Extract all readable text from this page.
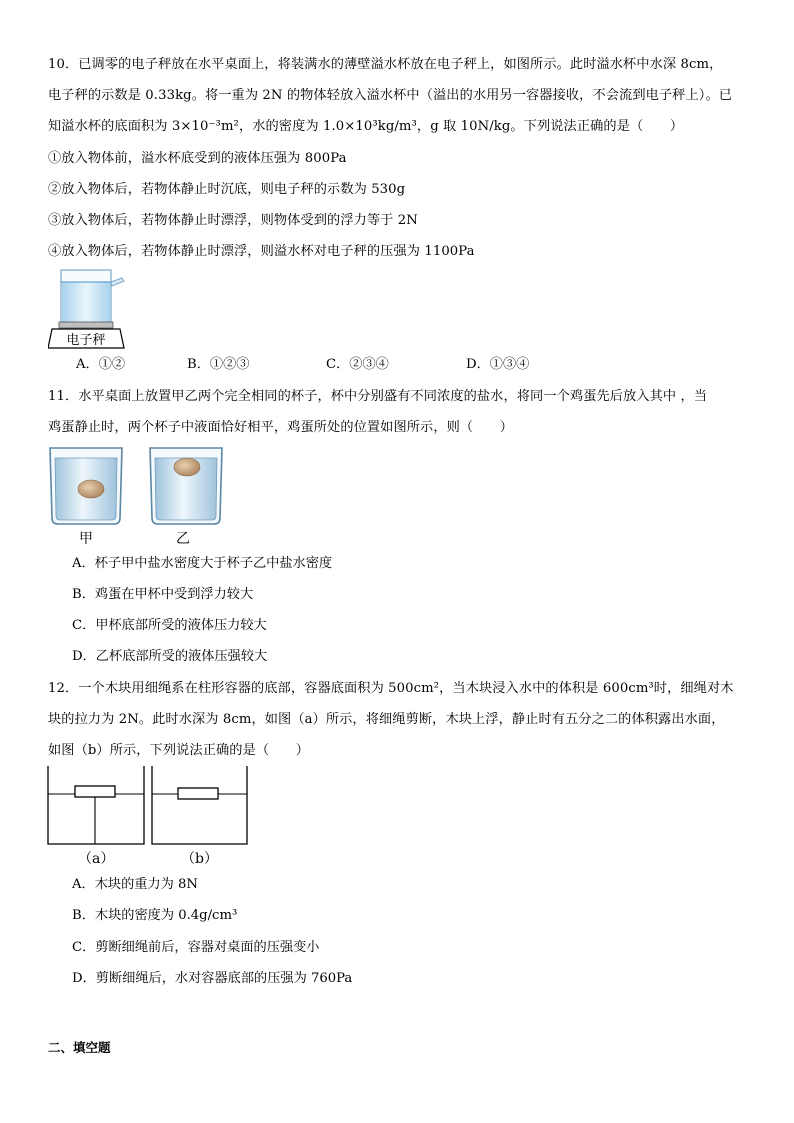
10．已调零的电子秤放在水平桌面上，将装满水的薄壁溢水杯放在电子秤上，如图所示。此时溢水杯中水深 8cm，
电子秤的示数是 0.33kg。将一重为 2N 的物体轻放入溢水杯中（溢出的水用另一容器接收，不会流到电子秤上）。已
知溢水杯的底面积为 3×10⁻³m²，水的密度为 1.0×10³kg/m³，g 取 10N/kg。下列说法正确的是（　　）
①放入物体前，溢水杯底受到的液体压强为 800Pa
②放入物体后，若物体静止时沉底，则电子秤的示数为 530g
③放入物体后，若物体静止时漂浮，则物体受到的浮力等于 2N
④放入物体后，若物体静止时漂浮，则溢水杯对电子秤的压强为 1100Pa
电子秤
A．①②	B．①②③	C．②③④	D．①③④
11．水平桌面上放置甲乙两个完全相同的杯子，杯中分别盛有不同浓度的盐水，将同一个鸡蛋先后放入其中 ，当
鸡蛋静止时，两个杯子中液面恰好相平，鸡蛋所处的位置如图所示，则（　　）
甲	乙
A．杯子甲中盐水密度大于杯子乙中盐水密度
B．鸡蛋在甲杯中受到浮力较大
C．甲杯底部所受的液体压力较大
D．乙杯底部所受的液体压强较大
12．一个木块用细绳系在柱形容器的底部，容器底面积为 500cm²，当木块浸入水中的体积是 600cm³时，细绳对木
块的拉力为 2N。此时水深为 8cm，如图（a）所示，将细绳剪断，木块上浮，静止时有五分之二的体积露出水面，
如图（b）所示，下列说法正确的是（　　）
（a）	（b）
A．木块的重力为 8N
B．木块的密度为 0.4g/cm³
C．剪断细绳前后，容器对桌面的压强变小
D．剪断细绳后，水对容器底部的压强为 760Pa
二、填空题
